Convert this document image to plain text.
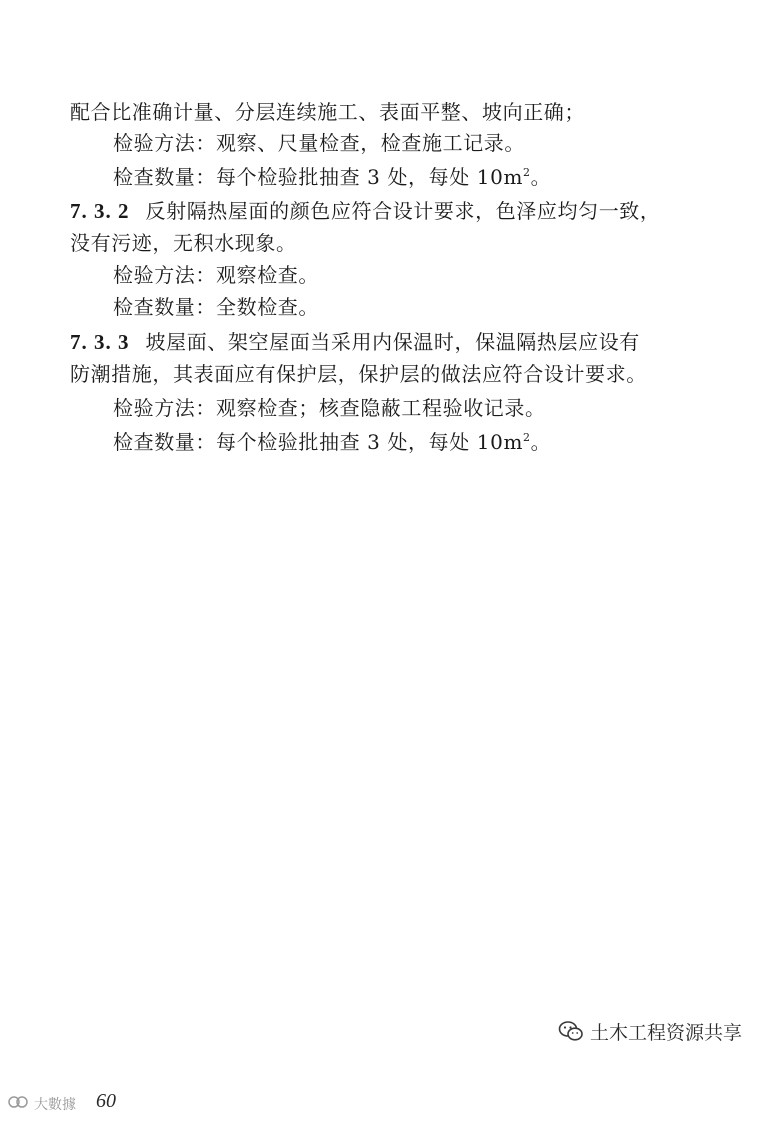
配合比准确计量、分层连续施工、表面平整、坡向正确；
检验方法：观察、尺量检查，检查施工记录。
检查数量：每个检验批抽查 3 处，每处 $10m^2$。
7. 3. 2 反射隔热屋面的颜色应符合设计要求，色泽应均匀一致，
没有污迹，无积水现象。
检验方法：观察检查。
检查数量：全数检查。
7. 3. 3 坡屋面、架空屋面当采用内保温时，保温隔热层应设有
防潮措施，其表面应有保护层，保护层的做法应符合设计要求。
检验方法：观察检查；核查隐蔽工程验收记录。
检查数量：每个检验批抽查 3 处，每处 $10m^2$。
土木工程资源共享
大數據 60
